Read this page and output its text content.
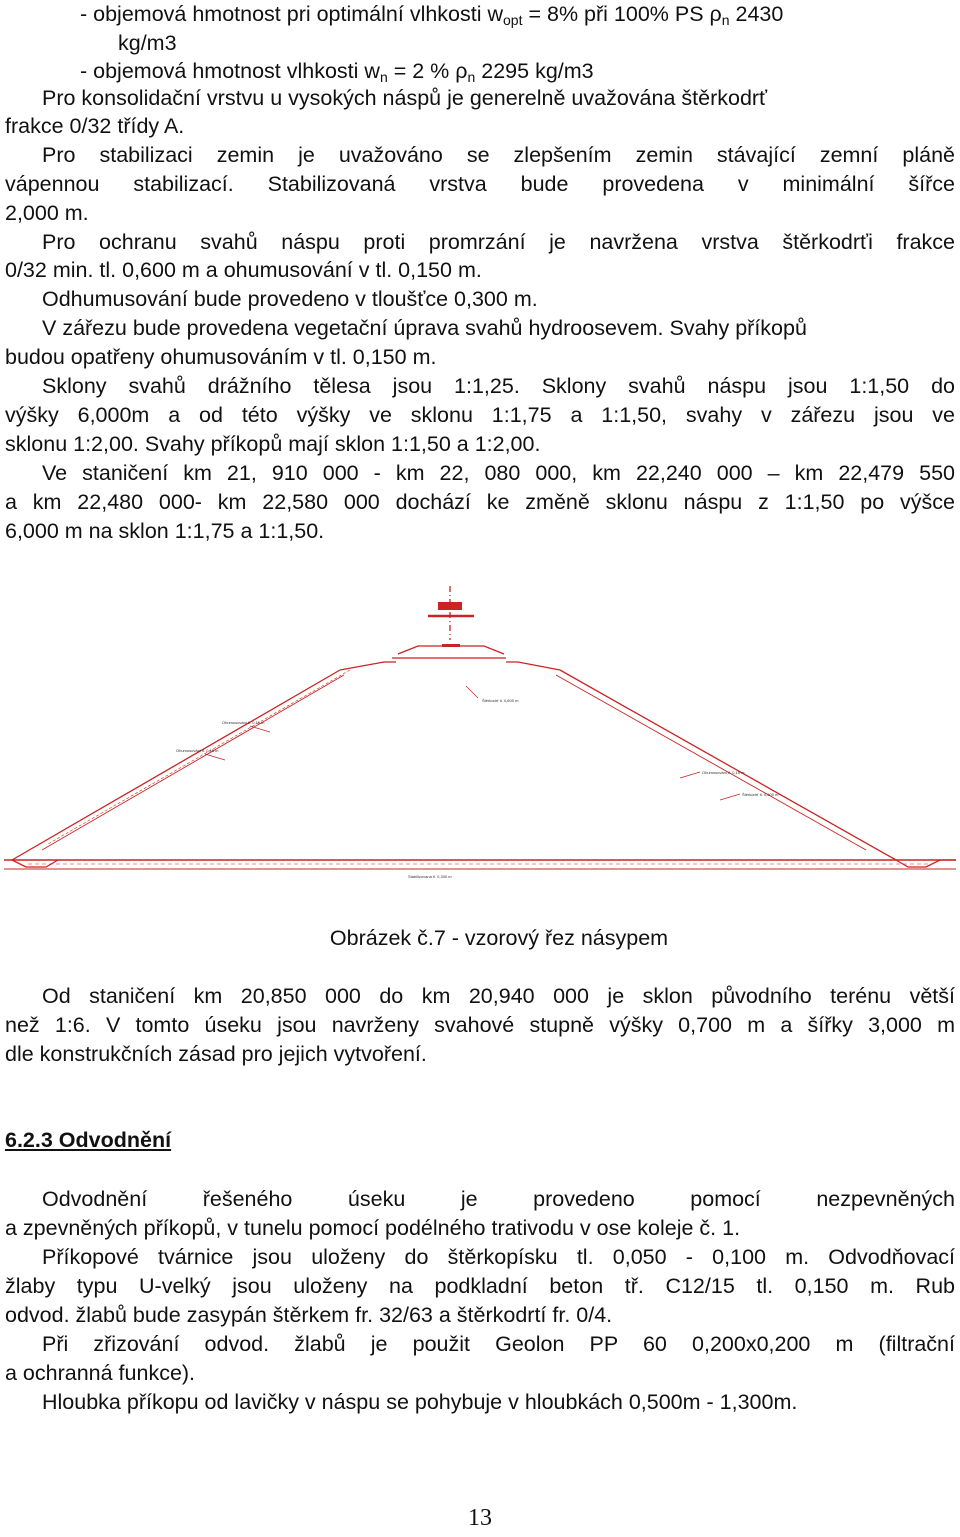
- objemová hmotnost pri optimální vlhkosti $w_{opt} = 8\%$ při 100% PS $\rho_n$ 2430
kg/m3
- objemová hmotnost vlhkosti $w_n = 2$ % $\rho_n$ 2295 kg/m3
Pro konsolidační vrstvu u vysokých náspů je generelně uvažována štěrkodrť
frakce 0/32 třídy A.
Pro stabilizaci zemin je uvažováno se zlepšením zemin stávající zemní pláně
vápennou stabilizací. Stabilizovaná vrstva bude provedena v minimální šířce
2,000 m.
Pro ochranu svahů náspu proti promrzání je navržena vrstva štěrkodrťi frakce
0/32 min. tl. 0,600 m a ohumusování v tl. 0,150 m.
Odhumusování bude provedeno v tloušťce 0,300 m.
V zářezu bude provedena vegetační úprava svahů hydroosevem. Svahy příkopů
budou opatřeny ohumusováním v tl. 0,150 m.
Sklony svahů drážního tělesa jsou 1:1,25. Sklony svahů náspu jsou 1:1,50 do
výšky 6,000m a od této výšky ve sklonu 1:1,75 a 1:1,50, svahy v zářezu jsou ve
sklonu 1:2,00. Svahy příkopů mají sklon 1:1,50 a 1:2,00.
Ve staničení km 21, 910 000 - km 22, 080 000, km 22,240 000 – km 22,479 550
a km 22,480 000- km 22,580 000 dochází ke změně sklonu náspu z 1:1,50 po výšce
6,000 m na sklon 1:1,75 a 1:1,50.
Ohumusování tl. 0,15 m
Ohumusování tl. 0,15 m
Ohumusování tl. 0,15 m
Štěrkodrť tl. 0,600 m
Štěrkodrť tl. 0,600 m
Stabilizovaná tl. 0,300 m
Obrázek č.7 - vzorový řez násypem
Od staničení km 20,850 000 do km 20,940 000 je sklon původního terénu větší
než 1:6. V tomto úseku jsou navrženy svahové stupně výšky 0,700 m a šířky 3,000 m
dle konstrukčních zásad pro jejich vytvoření.
6.2.3 Odvodnění
Odvodnění řešeného úseku je provedeno pomocí nezpevněných
a zpevněných příkopů, v tunelu pomocí podélného trativodu v ose koleje č. 1.
Příkopové tvárnice jsou uloženy do štěrkopísku tl. 0,050 - 0,100 m. Odvodňovací
žlaby typu U-velký jsou uloženy na podkladní beton tř. C12/15 tl. 0,150 m. Rub
odvod. žlabů bude zasypán štěrkem fr. 32/63 a štěrkodrtí fr. 0/4.
Při zřizování odvod. žlabů je použit Geolon PP 60 0,200x0,200 m (filtrační
a ochranná funkce).
Hloubka příkopu od lavičky v náspu se pohybuje v hloubkách 0,500m - 1,300m.
13
